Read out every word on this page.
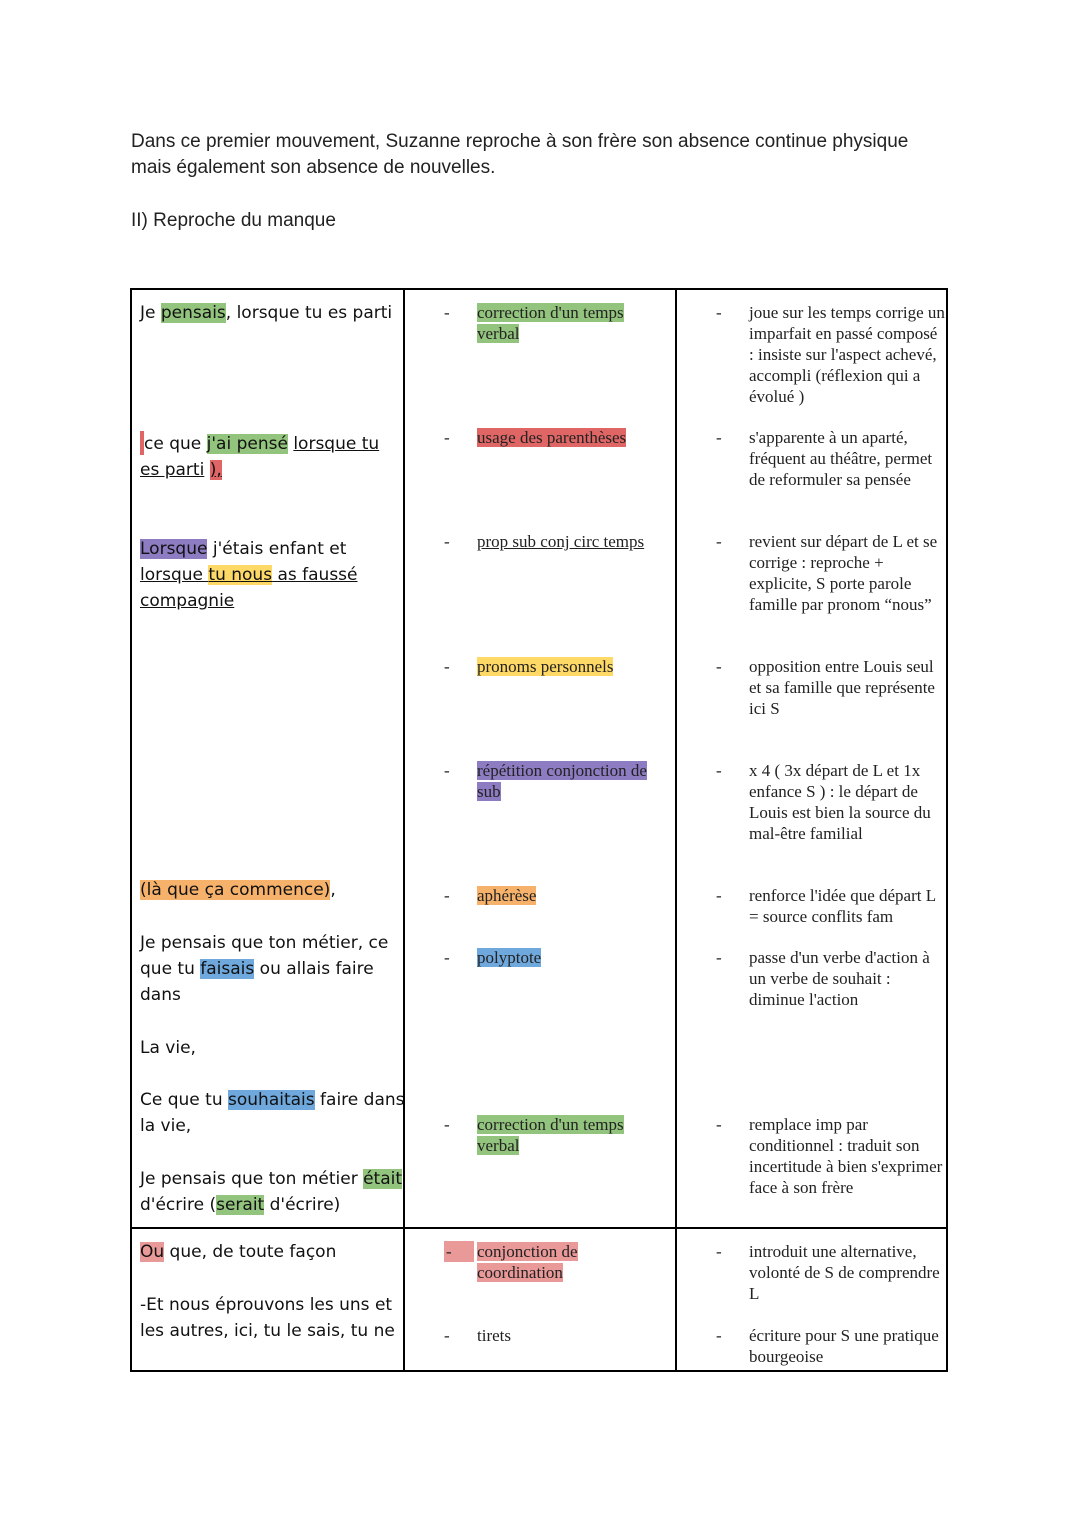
Dans ce premier mouvement, Suzanne reproche à son frère son absence continue physique
mais également son absence de nouvelles.

II) Reproche du manque

Je pensais, lorsque tu es parti
ce que j'ai pensé lorsque tu
es parti ),
Lorsque j'étais enfant et
lorsque tu nous as faussé
compagnie
(là que ça commence),
Je pensais que ton métier, ce
que tu faisais ou allais faire
dans
La vie,
Ce que tu souhaitais faire dans
la vie,
Je pensais que ton métier était
d'écrire (serait d'écrire)
Ou que, de toute façon
-Et nous éprouvons les uns et
les autres, ici, tu le sais, tu ne
- correction d'un temps
verbal
- usage des parenthèses
- prop sub conj circ temps
- pronoms personnels
- répétition conjonction de
sub
- aphérèse
- polyptote
- correction d'un temps
verbal
-	conjonction de
coordination
- tirets
- joue sur les temps corrige un imparfait en passé composé : insiste sur l'aspect achevé, accompli (réflexion qui a évolué )
- s'apparente à un aparté, fréquent au théâtre, permet de reformuler sa pensée
- revient sur départ de L et se corrige : reproche + explicite, S porte parole famille par pronom “nous”
- opposition entre Louis seul et sa famille que représente ici S
- x 4 ( 3x départ de L et 1x enfance S ) : le départ de Louis est bien la source du mal-être familial
- renforce l'idée que départ L = source conflits fam
- passe d'un verbe d'action à un verbe de souhait : diminue l'action
- remplace imp par conditionnel : traduit son incertitude à bien s'exprimer face à son frère
- introduit une alternative, volonté de S de comprendre L
- écriture pour S une pratique bourgeoise
